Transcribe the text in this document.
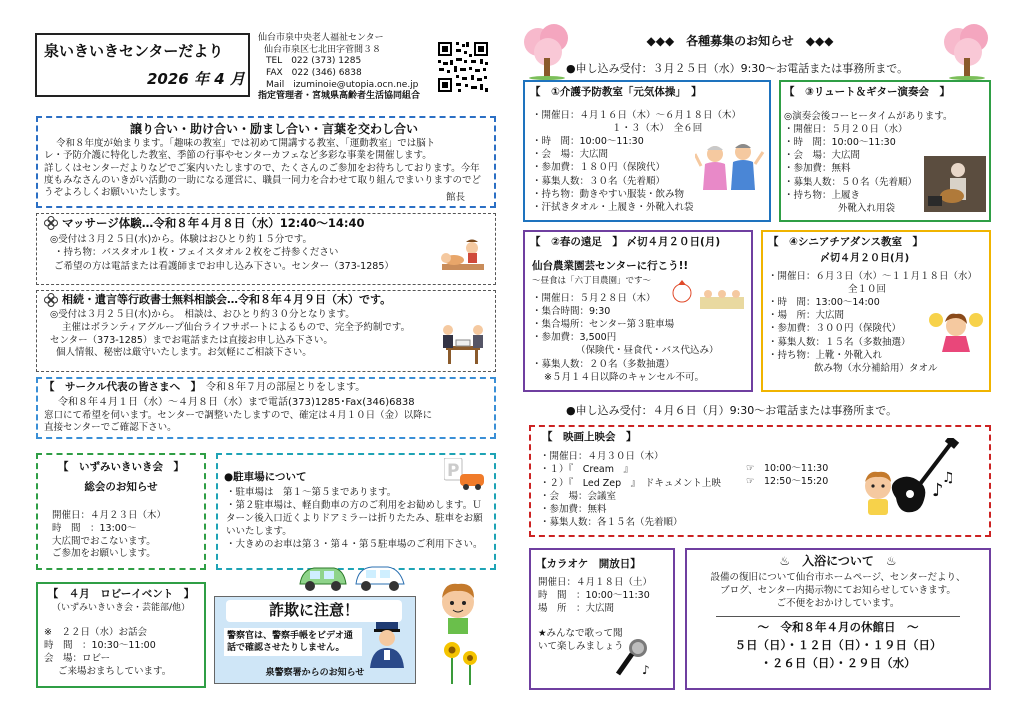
泉いきいきセンターだより
2026 年 4 月
仙台市泉中央老人福祉センター
仙台市泉区七北田字菅間３８
TEL　022 (373) 1285
FAX　022 (346) 6838
Mail　izuminoie@utopia.ocn.ne.jp
指定管理者・宮城県高齢者生活協同組合
譲り合い・助け合い・励まし合い・言葉を交わし合い
令和８年度が始まります。「趣味の教室」では初めて開講する教室、「運動教室」では脳ト
レ・予防介護に特化した教室、季節の行事やセンターカフェなど多彩な事業を開催します。
詳しくはセンターだよりなどでご案内いたしますので、たくさんのご参加をお待ちしております。今年度もみなさんのいきがい活動の一助になる運営に、職員一同力を合わせて取り組んでまいりますのでどうぞよろしくお願いいたします。	館長
マッサージ体験…令和８年４月８日（水）12:40～14:40
◎受付は３月２５日(水)から。体験はおひとり約１５分です。
・持ち物：バスタオル１枚・フェイスタオル２枚をご持参ください
ご希望の方は電話または看護師までお申し込み下さい。センター（373-1285）
相続・遺言等行政書士無料相談会…令和８年４月９日（木）です。
◎受付は３月２５日(水)から。　相談は、おひとり約３０分となります。
主催はボランティアグループ仙台ライフサポートによるもので、完全予約制です。
センター（373-1285）までお電話または直接お申し込み下さい。
個人情報、秘密は厳守いたします。お気軽にご相談下さい。
【　サークル代表の皆さまへ　】 令和８年７月の部屋とりをします。
令和８年４月１日（水）～４月８日（水）まで電話(373)1285･Fax(346)6838
窓口にて希望を伺います。センターで調整いたしますので、確定は４月１０日（金）以降に
直接センターでご確認下さい。
【　いずみいきいき会　】
総会のお知らせ
開催日：４月２３日（木）
時　間　：13:00～
大広間でおこないます。
ご参加をお願いします。
●駐車場について	P
・駐車場は　第１～第５まであります。
・第２駐車場は、軽自動車の方のご利用をお勧めします。Ｕターン後入口近くよりドアミラーは折りたたみ、駐車をお願いいたします。
・大きめのお車は第３・第４・第５駐車場のご利用下さい。
【　４月　ロビーイベント　】
（いずみいきいき会・芸能部/他）
※　２２日（水）お話会
時　間　：10:30～11:00
会　場：ロビー
ご来場おまちしています。
詐欺に注意！
警察官は、警察手帳をビデオ通話で確認させたりしません。
泉警察署からのお知らせ
◆◆◆　各種募集のお知らせ　◆◆◆
●申し込み受付：３月２５日（水）9:30～お電話または事務所まで。
【　①介護予防教室「元気体操」　】
・開催日：４月１６日（木）～６月１８日（木）
１・３（木）　全６回
・時　間：10:00～11:30
・会　場：大広間
・参加費：１８０円（保険代）
・募集人数：３０名（先着順）
・持ち物：動きやすい服装・飲み物
・汗拭きタオル・上履き・外靴入れ袋
【　③リュート＆ギター演奏会　】
◎演奏会後コーヒータイムがあります。
・開催日：５月２０日（水）
・時　間：10:00～11:30
・会　場：大広間
・参加費：無料
・募集人数：５０名（先着順）
・持ち物：上履き
外靴入れ用袋
【　②春の遠足　】 〆切４月２０日(月)
仙台農業園芸センターに行こう!!
～昼食は「六丁目農園」です～
・開催日：５月２８日（木）
・集合時間：9:30
・集合場所：センター第３駐車場
・参加費：3,500円
（保険代・昼食代・バス代込み）
・募集人数：２０名（多数抽選）
※５月１４日以降のキャンセル不可。
【　④シニアチアダンス教室　】
〆切４月２０日(月)
・開催日：６月３日（水）～１１月１８日（水）
全１０回
・時　間：13:00～14:00
・場　所：大広間
・参加費：３００円（保険代）
・募集人数：１５名（多数抽選）
・持ち物：上靴・外靴入れ
飲み物（水分補給用）タオル
●申し込み受付：４月６日（月）9:30～お電話または事務所まで。
【　映画上映会　】
・開催日：４月３０日（木）
・１）『　Cream　』
・２）『　Led Zep　』　ドキュメント上映
・会　場：会議室
・参加費：無料
・募集人数：各１５名（先着順）
☞　10:00～11:30
☞　12:50～15:20	♪
♫
【カラオケ　開放日】
開催日：４月１８日（土）
時　間　：10:00～11:30
場　所　：大広間
★みんなで歌って聞いて楽しみましょう
♪
♨　入浴について　♨
設備の復旧について仙台市ホームページ、センターだより、
ブログ、センター内掲示物にてお知らせしていきます。
ご不便をおかけしています。
～　令和８年４月の休館日　～
５日（日）・１２日（日）・１９日（日）
・２６日（日）・２９日（水）
